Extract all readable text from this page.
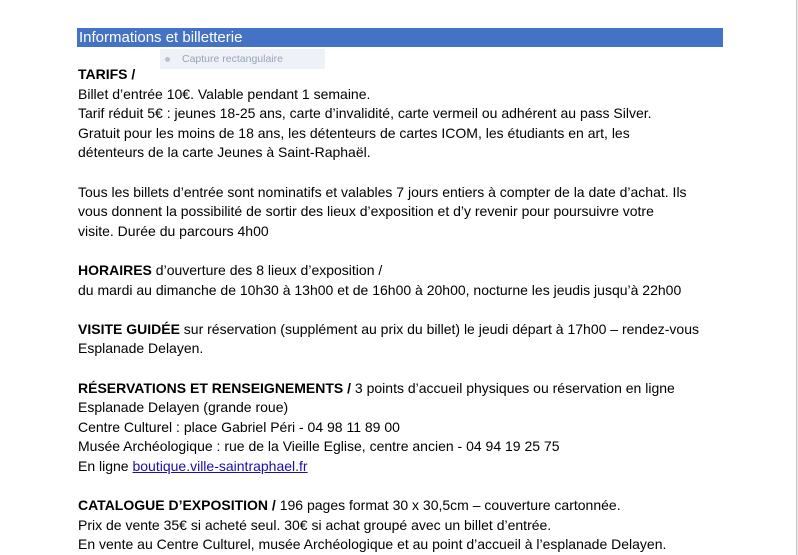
Informations et billetterie
TARIFS /
Billet d’entrée 10€. Valable pendant 1 semaine.
Tarif réduit 5€ : jeunes 18-25 ans, carte d’invalidité, carte vermeil ou adhérent au pass Silver.
Gratuit pour les moins de 18 ans, les détenteurs de cartes ICOM, les étudiants en art, les
détenteurs de la carte Jeunes à Saint-Raphaël.
Tous les billets d’entrée sont nominatifs et valables 7 jours entiers à compter de la date d’achat. Ils
vous donnent la possibilité de sortir des lieux d’exposition et d’y revenir pour poursuivre votre
visite. Durée du parcours 4h00
HORAIRES d’ouverture des 8 lieux d’exposition /
du mardi au dimanche de 10h30 à 13h00 et de 16h00 à 20h00, nocturne les jeudis jusqu’à 22h00
VISITE GUIDÉE sur réservation (supplément au prix du billet) le jeudi départ à 17h00 – rendez-vous
Esplanade Delayen.
RÉSERVATIONS ET RENSEIGNEMENTS / 3 points d’accueil physiques ou réservation en ligne
Esplanade Delayen (grande roue)
Centre Culturel : place Gabriel Péri - 04 98 11 89 00
Musée Archéologique : rue de la Vieille Eglise, centre ancien - 04 94 19 25 75
En ligne boutique.ville-saintraphael.fr
CATALOGUE D’EXPOSITION / 196 pages format 30 x 30,5cm – couverture cartonnée.
Prix de vente 35€ si acheté seul. 30€ si achat groupé avec un billet d’entrée.
En vente au Centre Culturel, musée Archéologique et au point d’accueil à l’esplanade Delayen.
Capture rectangulaire
